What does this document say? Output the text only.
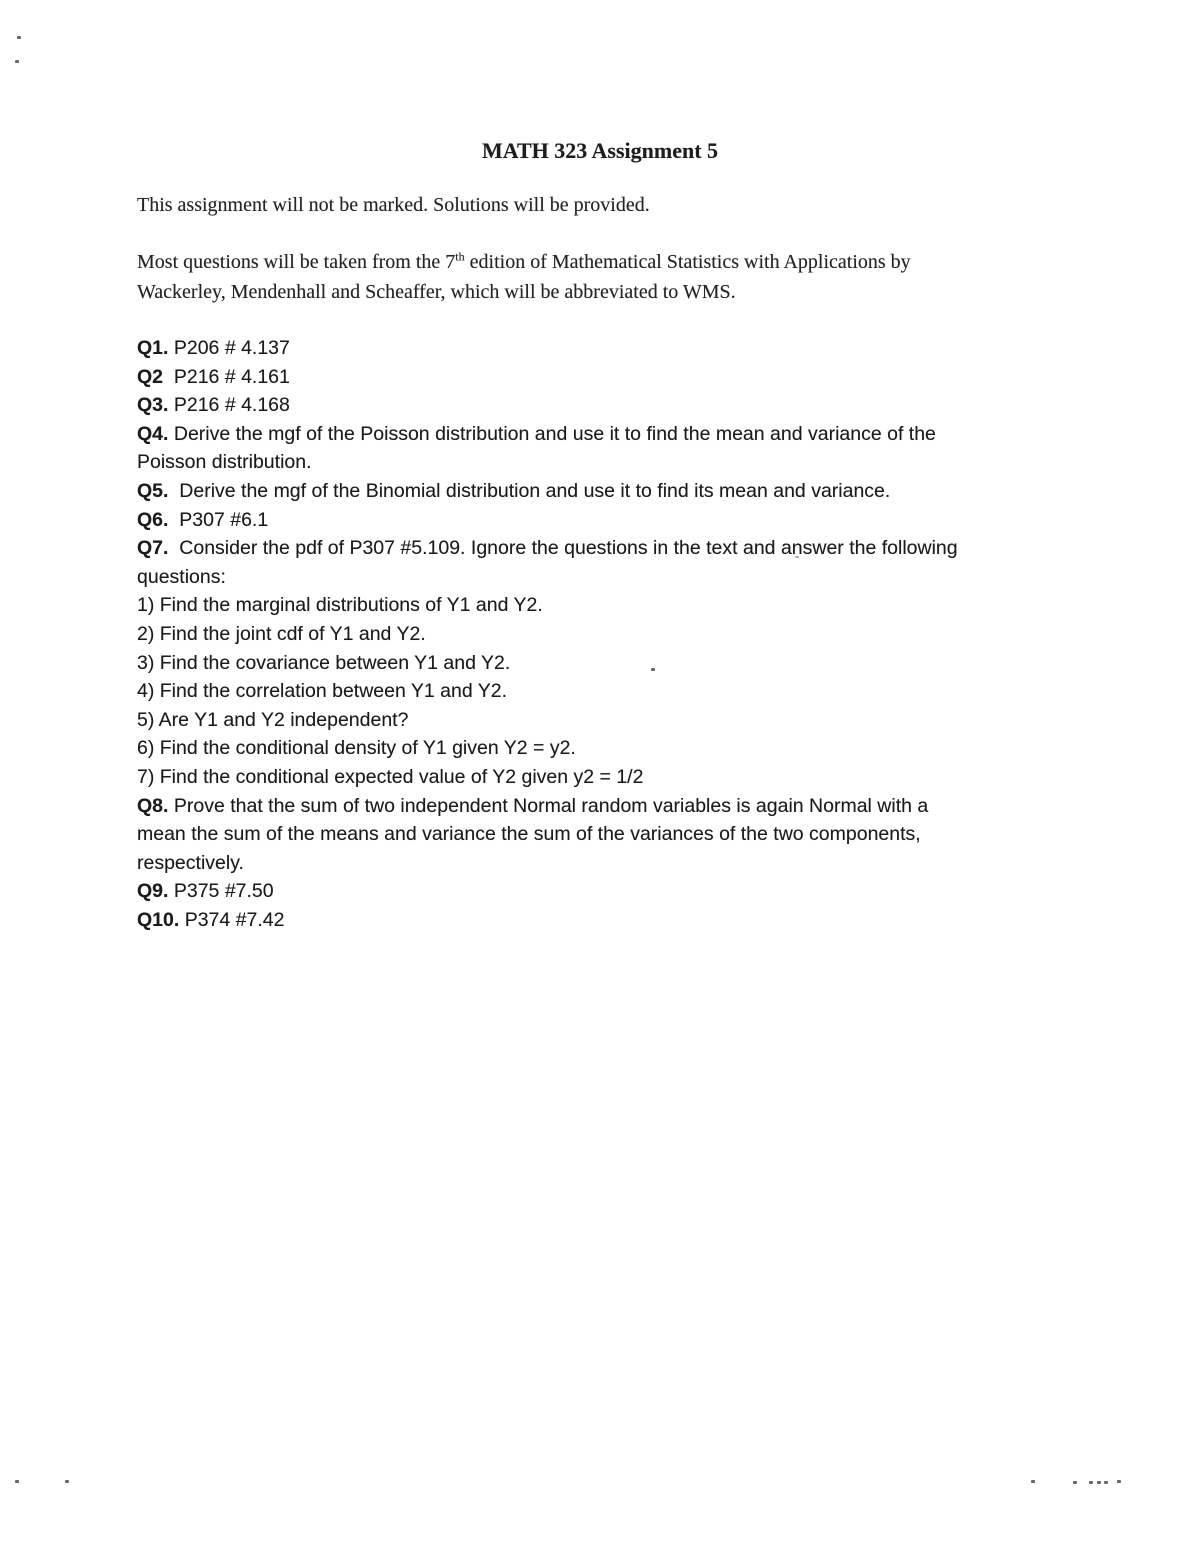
MATH 323 Assignment 5

This assignment will not be marked. Solutions will be provided.

Most questions will be taken from the 7th edition of Mathematical Statistics with Applications by
Wackerley, Mendenhall and Scheaffer, which will be abbreviated to WMS.

Q1. P206 # 4.137
Q2  P216 # 4.161
Q3. P216 # 4.168
Q4. Derive the mgf of the Poisson distribution and use it to find the mean and variance of the
Poisson distribution.
Q5.  Derive the mgf of the Binomial distribution and use it to find its mean and variance.
Q6.  P307 #6.1
Q7.  Consider the pdf of P307 #5.109. Ignore the questions in the text and answer the following
questions:
1) Find the marginal distributions of Y1 and Y2.
2) Find the joint cdf of Y1 and Y2.
3) Find the covariance between Y1 and Y2.
4) Find the correlation between Y1 and Y2.
5) Are Y1 and Y2 independent?
6) Find the conditional density of Y1 given Y2 = y2.
7) Find the conditional expected value of Y2 given y2 = 1/2
Q8. Prove that the sum of two independent Normal random variables is again Normal with a
mean the sum of the means and variance the sum of the variances of the two components,
respectively.
Q9. P375 #7.50
Q10. P374 #7.42
